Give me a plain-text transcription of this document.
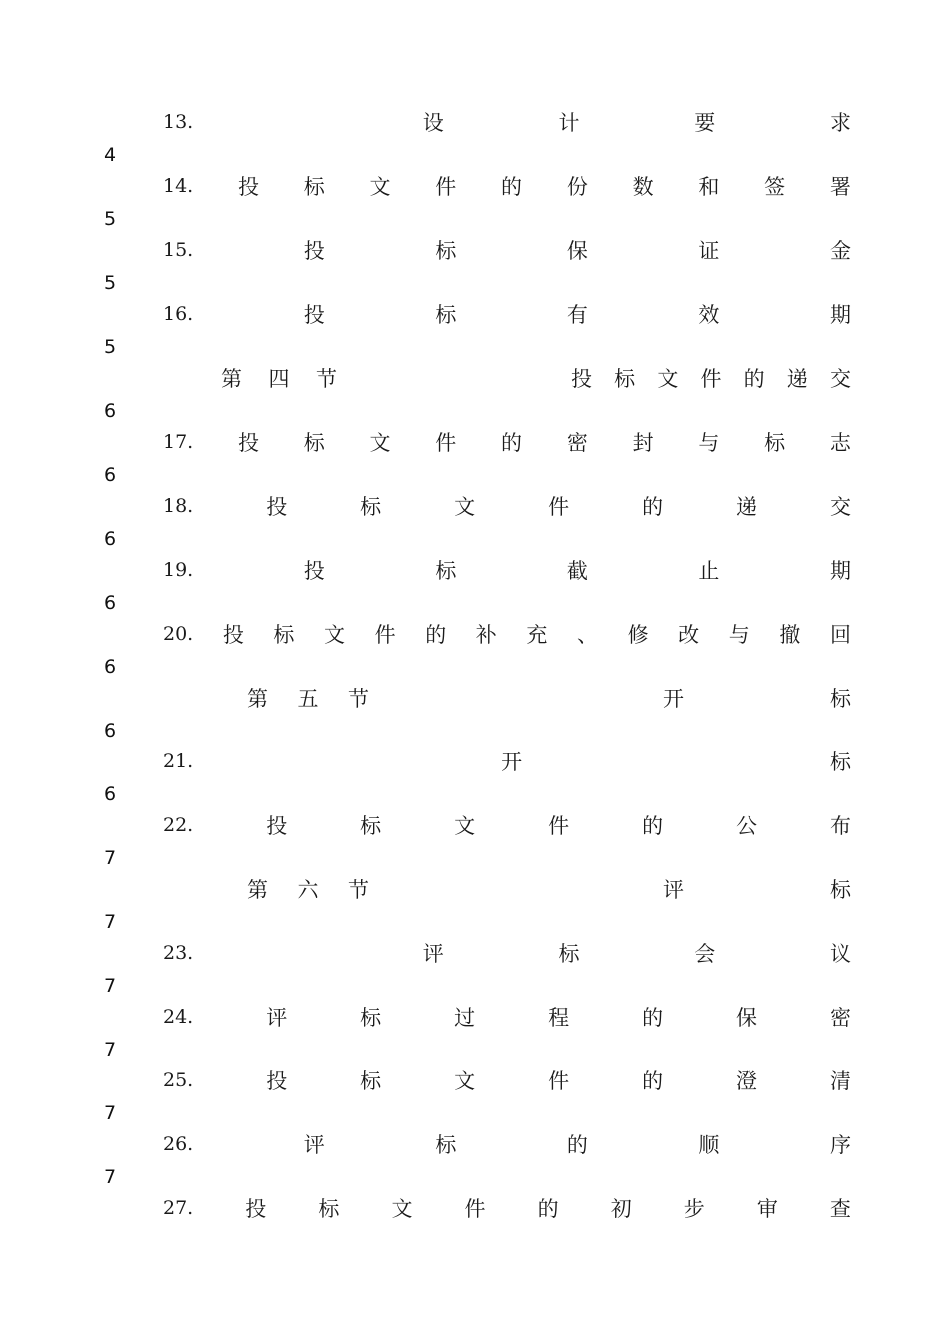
13.	设	计	要	求
4
14. 投 标 文 件 的 份 数 和 签 署
5
15.	投	标	保	证	金
5
16.	投	标	有	效	期
5
第 四 节	投 标 文 件 的 递 交
6
17. 投 标 文 件 的 密 封 与 标 志
6
18.	投	标	文	件	的	递	交
6
19.	投	标	截	止	期
6
20. 投 标 文 件 的 补 充 、 修 改 与 撤 回
6
第 五 节	开	标
6
21.	开	标
6
22.	投	标	文	件	的	公	布
7
第 六 节	评	标
7
23.	评	标	会	议
7
24.	评	标	过	程	的	保	密
7
25.	投	标	文	件	的	澄	清
7
26.	评	标	的	顺	序
7
27. 投 标 文 件 的 初 步 审 查
